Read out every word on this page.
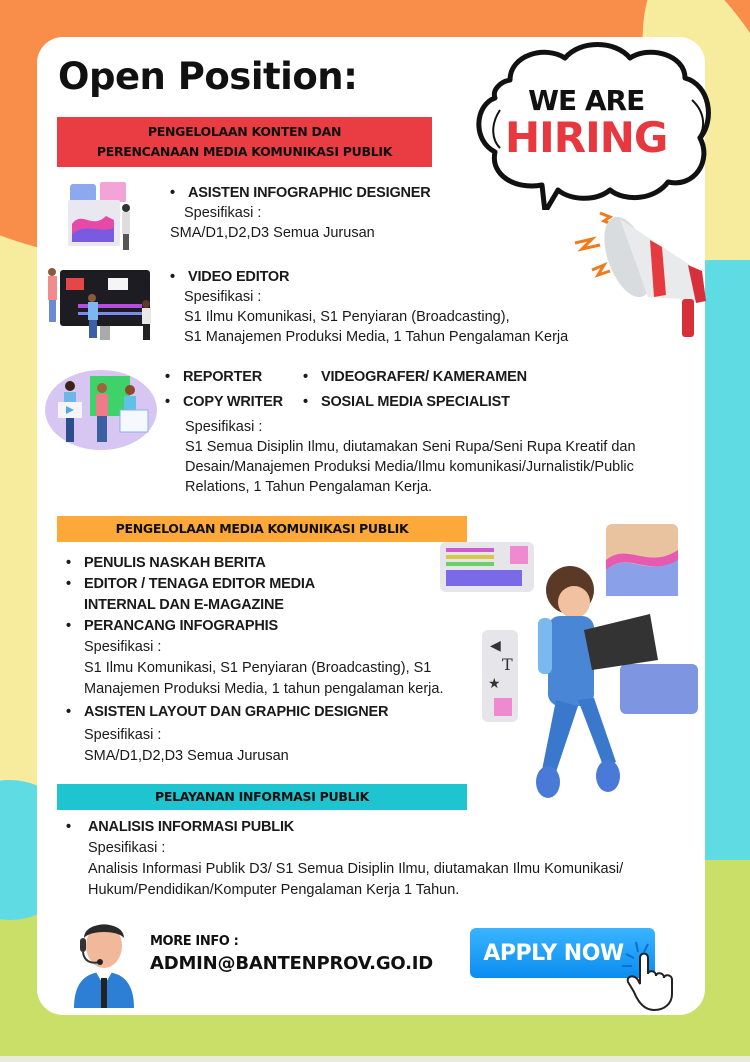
Open Position:
WE ARE
HIRING
PENGELOLAAN KONTEN DAN
PERENCANAAN MEDIA KOMUNIKASI PUBLIK
• ASISTEN INFOGRAPHIC DESIGNER
Spesifikasi :
SMA/D1,D2,D3 Semua Jurusan
• VIDEO EDITOR
Spesifikasi :
S1 Ilmu Komunikasi, S1 Penyiaran (Broadcasting),
S1 Manajemen Produksi Media, 1 Tahun Pengalaman Kerja
• REPORTER	• VIDEOGRAFER/ KAMERAMEN
• COPY WRITER • SOSIAL MEDIA SPECIALIST
Spesifikasi :
S1 Semua Disiplin Ilmu, diutamakan Seni Rupa/Seni Rupa Kreatif dan
Desain/Manajemen Produksi Media/Ilmu komunikasi/Jurnalistik/Public
Relations, 1 Tahun Pengalaman Kerja.
PENGELOLAAN MEDIA KOMUNIKASI PUBLIK
• PENULIS NASKAH BERITA
• EDITOR / TENAGA EDITOR MEDIA
INTERNAL DAN E-MAGAZINE
• PERANCANG INFOGRAPHIS
Spesifikasi :
S1 Ilmu Komunikasi, S1 Penyiaran (Broadcasting), S1
Manajemen Produksi Media, 1 tahun pengalaman kerja.
• ASISTEN LAYOUT DAN GRAPHIC DESIGNER
Spesifikasi :
SMA/D1,D2,D3 Semua Jurusan
◀
T
★
PELAYANAN INFORMASI PUBLIK
• ANALISIS INFORMASI PUBLIK
Spesifikasi :
Analisis Informasi Publik D3/ S1 Semua Disiplin Ilmu, diutamakan Ilmu Komunikasi/
Hukum/Pendidikan/Komputer Pengalaman Kerja 1 Tahun.
MORE INFO :
ADMIN@BANTENPROV.GO.ID	APPLY NOW
